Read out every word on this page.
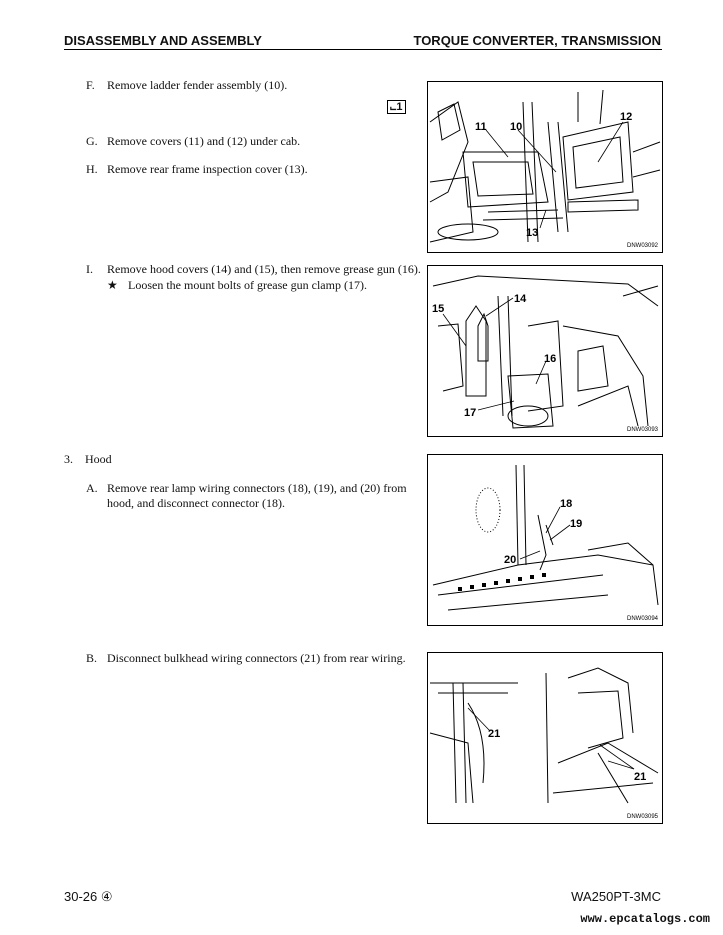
DISASSEMBLY AND ASSEMBLY	TORQUE CONVERTER, TRANSMISSION
F. Remove ladder fender assembly (10).
⨽1
G. Remove covers (11) and (12) under cab.
H. Remove rear frame inspection cover (13).
I. Remove hood covers (14) and (15), then remove grease gun (16).
★ Loosen the mount bolts of grease gun clamp (17).
3. Hood
A. Remove rear lamp wiring connectors (18), (19), and (20) from
hood, and disconnect connector (18).
B. Disconnect bulkhead wiring connectors (21) from rear wiring.
11 10
12
13
DNW03092
15
14
16
17
DNW03093
18
19
20
DNW03094
21
21
DNW03095
30-26 ④	WA250PT-3MC
www.epcatalogs.com
